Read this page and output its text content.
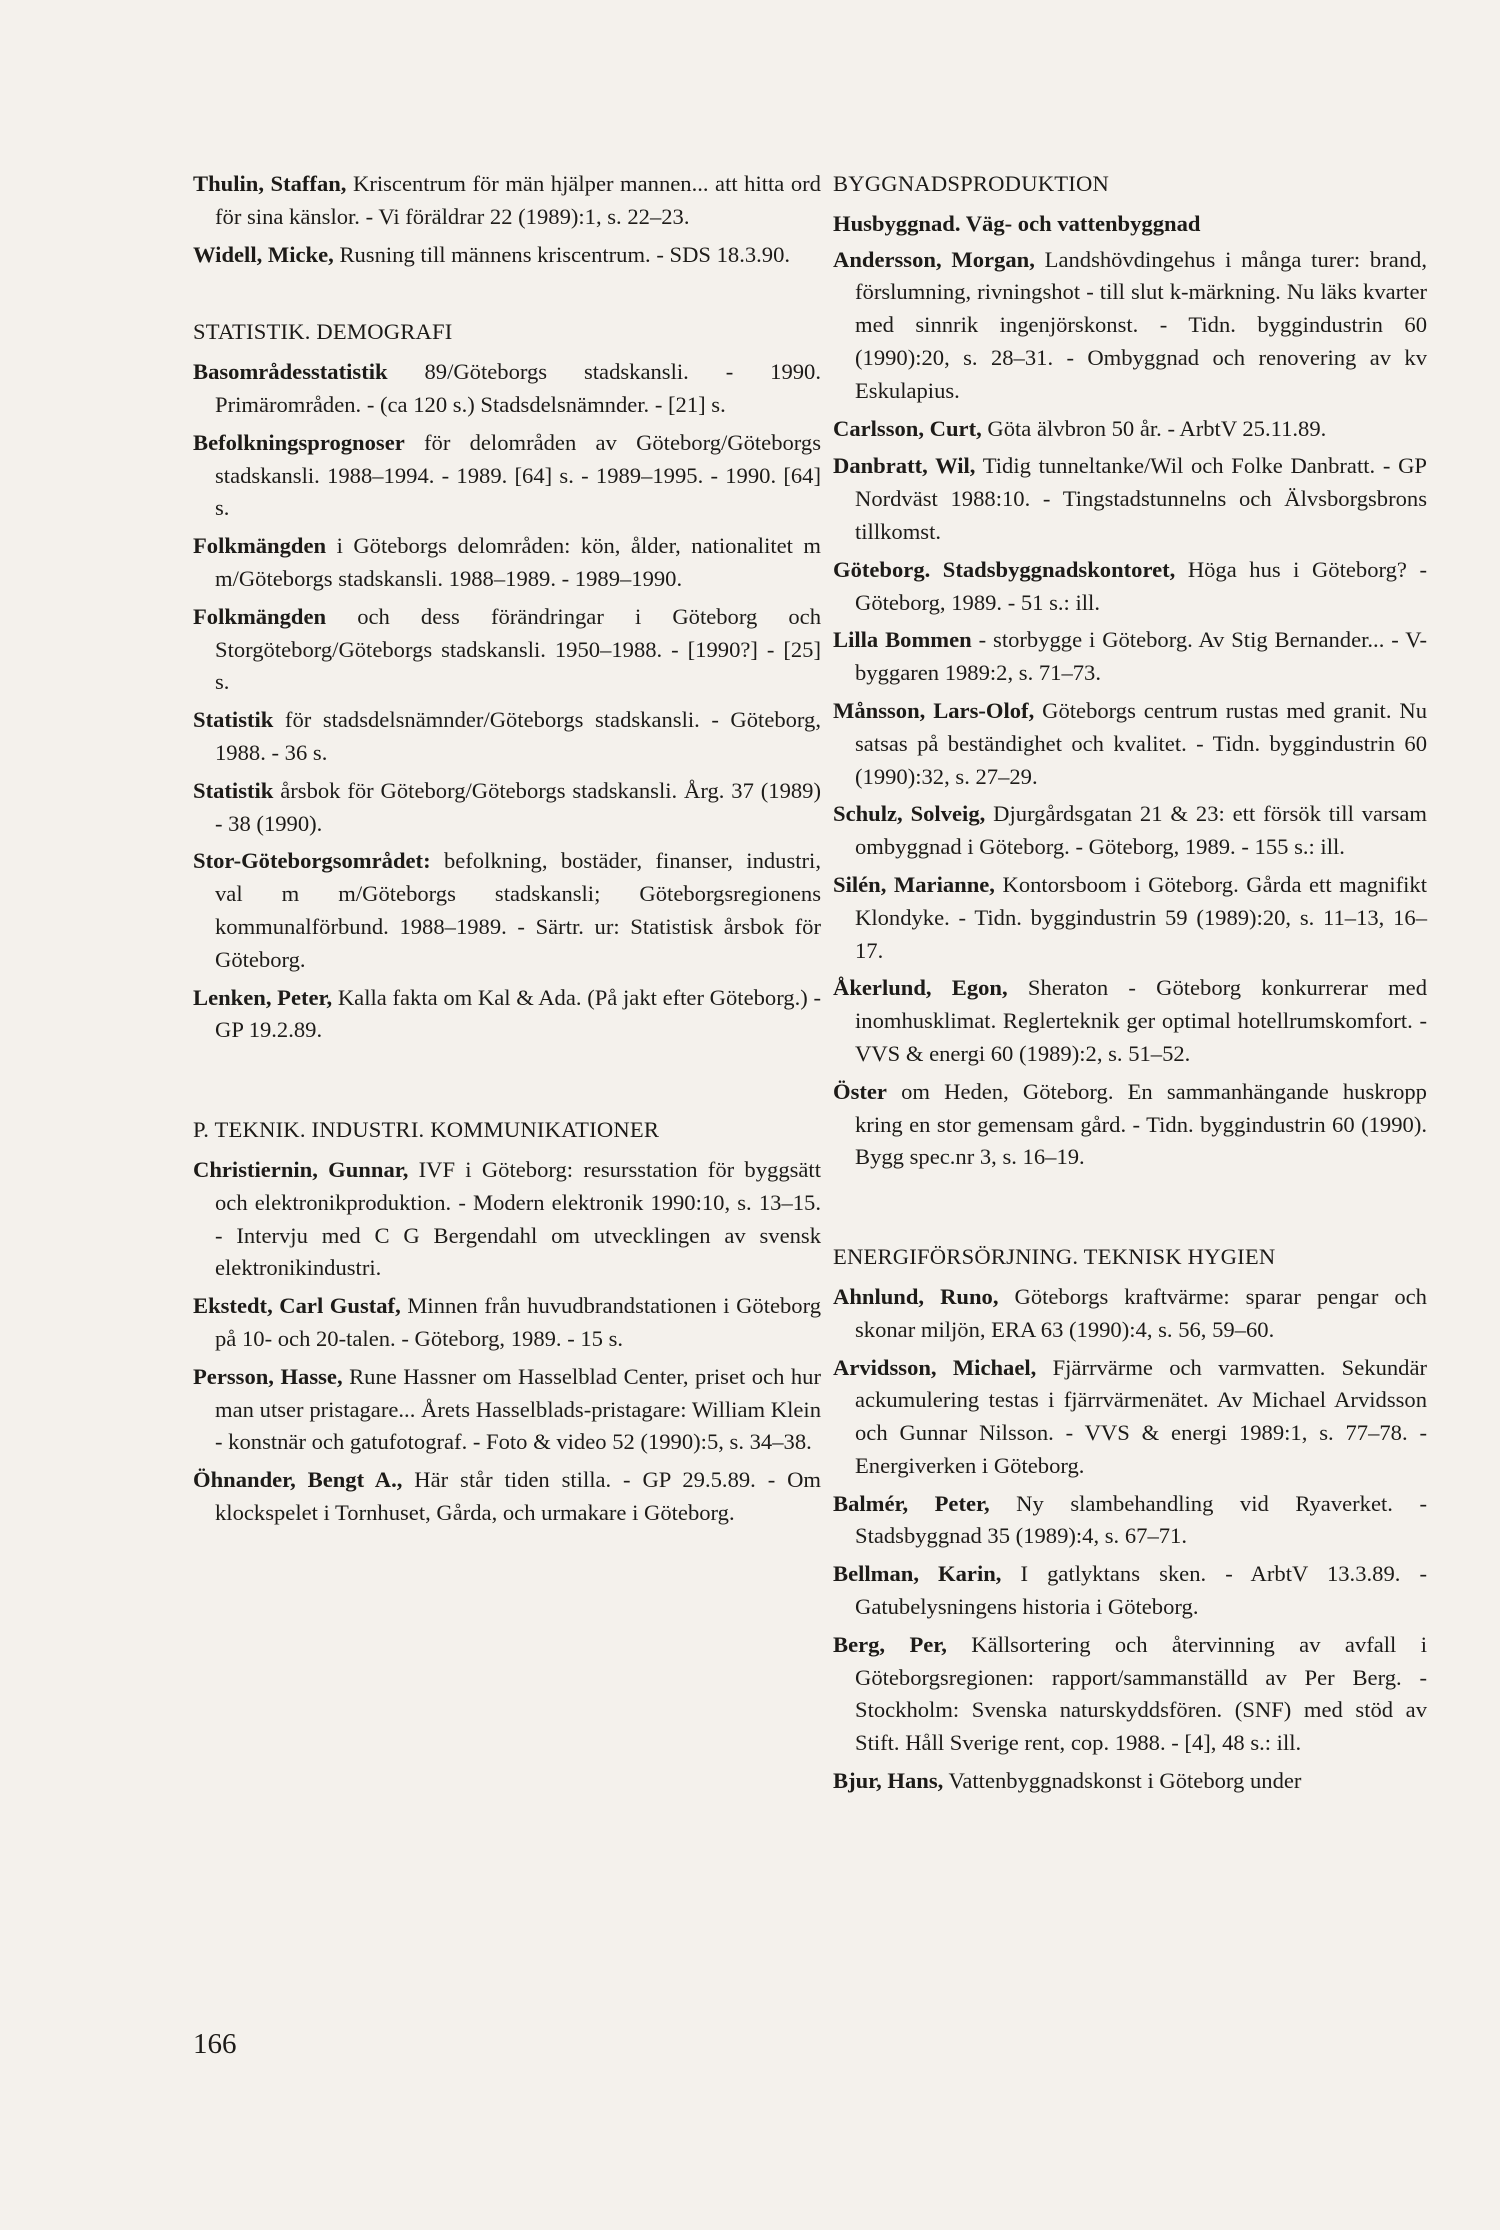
Thulin, Staffan, Kriscentrum för män hjälper mannen... att hitta ord för sina känslor. - Vi föräldrar 22 (1989):1, s. 22–23.

Widell, Micke, Rusning till männens kriscentrum. - SDS 18.3.90.

STATISTIK. DEMOGRAFI

Basområdesstatistik 89/Göteborgs stadskansli. - 1990. Primärområden. - (ca 120 s.) Stadsdelsnämnder. - [21] s.

Befolkningsprognoser för delområden av Göteborg/Göteborgs stadskansli. 1988–1994. - 1989. [64] s. - 1989–1995. - 1990. [64] s.

Folkmängden i Göteborgs delområden: kön, ålder, nationalitet m m/Göteborgs stadskansli. 1988–1989. - 1989–1990.

Folkmängden och dess förändringar i Göteborg och Storgöteborg/Göteborgs stadskansli. 1950–1988. - [1990?] - [25] s.

Statistik för stadsdelsnämnder/Göteborgs stadskansli. - Göteborg, 1988. - 36 s.

Statistik årsbok för Göteborg/Göteborgs stadskansli. Årg. 37 (1989) - 38 (1990).

Stor-Göteborgsområdet: befolkning, bostäder, finanser, industri, val m m/Göteborgs stadskansli; Göteborgsregionens kommunalförbund. 1988–1989. - Särtr. ur: Statistisk årsbok för Göteborg.

Lenken, Peter, Kalla fakta om Kal & Ada. (På jakt efter Göteborg.) - GP 19.2.89.

P. TEKNIK. INDUSTRI. KOMMUNIKATIONER

Christiernin, Gunnar, IVF i Göteborg: resursstation för byggsätt och elektronikproduktion. - Modern elektronik 1990:10, s. 13–15. - Intervju med C G Bergendahl om utvecklingen av svensk elektronikindustri.

Ekstedt, Carl Gustaf, Minnen från huvudbrandstationen i Göteborg på 10- och 20-talen. - Göteborg, 1989. - 15 s.

Persson, Hasse, Rune Hassner om Hasselblad Center, priset och hur man utser pristagare... Årets Hasselblads-pristagare: William Klein - konstnär och gatufotograf. - Foto & video 52 (1990):5, s. 34–38.

Öhnander, Bengt A., Här står tiden stilla. - GP 29.5.89. - Om klockspelet i Tornhuset, Gårda, och urmakare i Göteborg.

BYGGNADSPRODUKTION
Husbyggnad. Väg- och vattenbyggnad

Andersson, Morgan, Landshövdingehus i många turer: brand, förslumning, rivningshot - till slut k-märkning. Nu läks kvarter med sinnrik ingenjörskonst. - Tidn. byggindustrin 60 (1990):20, s. 28–31. - Ombyggnad och renovering av kv Eskulapius.

Carlsson, Curt, Göta älvbron 50 år. - ArbtV 25.11.89.

Danbratt, Wil, Tidig tunneltanke/Wil och Folke Danbratt. - GP Nordväst 1988:10. - Tingstadstunnelns och Älvsborgsbrons tillkomst.

Göteborg. Stadsbyggnadskontoret, Höga hus i Göteborg? - Göteborg, 1989. - 51 s.: ill.

Lilla Bommen - storbygge i Göteborg. Av Stig Bernander... - V-byggaren 1989:2, s. 71–73.

Månsson, Lars-Olof, Göteborgs centrum rustas med granit. Nu satsas på beständighet och kvalitet. - Tidn. byggindustrin 60 (1990):32, s. 27–29.

Schulz, Solveig, Djurgårdsgatan 21 & 23: ett försök till varsam ombyggnad i Göteborg. - Göteborg, 1989. - 155 s.: ill.

Silén, Marianne, Kontorsboom i Göteborg. Gårda ett magnifikt Klondyke. - Tidn. byggindustrin 59 (1989):20, s. 11–13, 16–17.

Åkerlund, Egon, Sheraton - Göteborg konkurrerar med inomhusklimat. Reglerteknik ger optimal hotellrumskomfort. - VVS & energi 60 (1989):2, s. 51–52.

Öster om Heden, Göteborg. En sammanhängande huskropp kring en stor gemensam gård. - Tidn. byggindustrin 60 (1990). Bygg spec.nr 3, s. 16–19.

ENERGIFÖRSÖRJNING. TEKNISK HYGIEN

Ahnlund, Runo, Göteborgs kraftvärme: sparar pengar och skonar miljön, ERA 63 (1990):4, s. 56, 59–60.

Arvidsson, Michael, Fjärrvärme och varmvatten. Sekundär ackumulering testas i fjärrvärmenätet. Av Michael Arvidsson och Gunnar Nilsson. - VVS & energi 1989:1, s. 77–78. - Energiverken i Göteborg.

Balmér, Peter, Ny slambehandling vid Ryaverket. - Stadsbyggnad 35 (1989):4, s. 67–71.

Bellman, Karin, I gatlyktans sken. - ArbtV 13.3.89. - Gatubelysningens historia i Göteborg.

Berg, Per, Källsortering och återvinning av avfall i Göteborgsregionen: rapport/sammanställd av Per Berg. - Stockholm: Svenska naturskyddsfören. (SNF) med stöd av Stift. Håll Sverige rent, cop. 1988. - [4], 48 s.: ill.

Bjur, Hans, Vattenbyggnadskonst i Göteborg under

166
